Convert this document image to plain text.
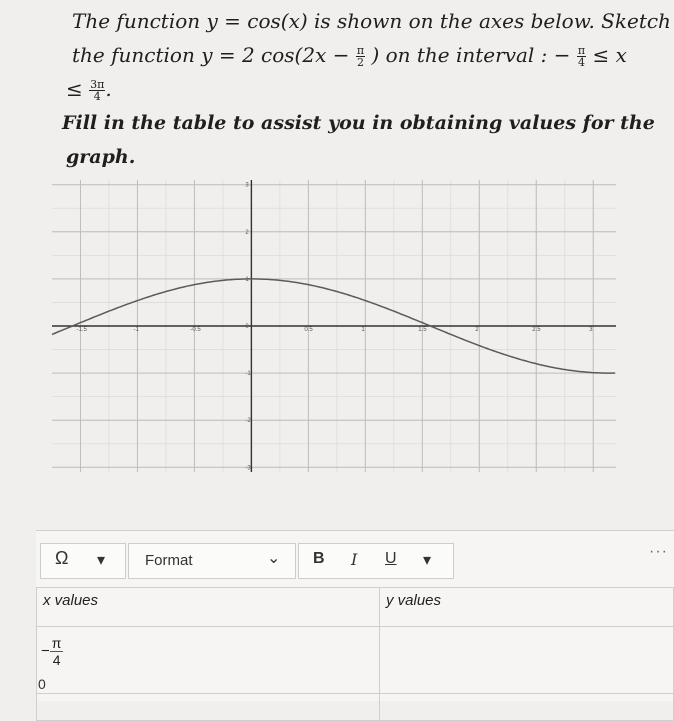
The function y = cos(x) is shown on the axes below. Sketch
the function y = 2 $\cos(2x - \frac{\pi}{2}$ ) on the interval : − $\frac{\pi}{4} \le x$
≤ $\frac{3\pi}{4}$ .
Fill in the table to assist you in obtaining values for the
graph.
-1.5	-1	-0.5	0.5	1	1.5	2	2.5	3
3
2
1
0
-1
-2
-3
Ω ▾	Format	⌄ B I U ▾
···
x values	y values
− $\frac{\pi}{4}$

0
